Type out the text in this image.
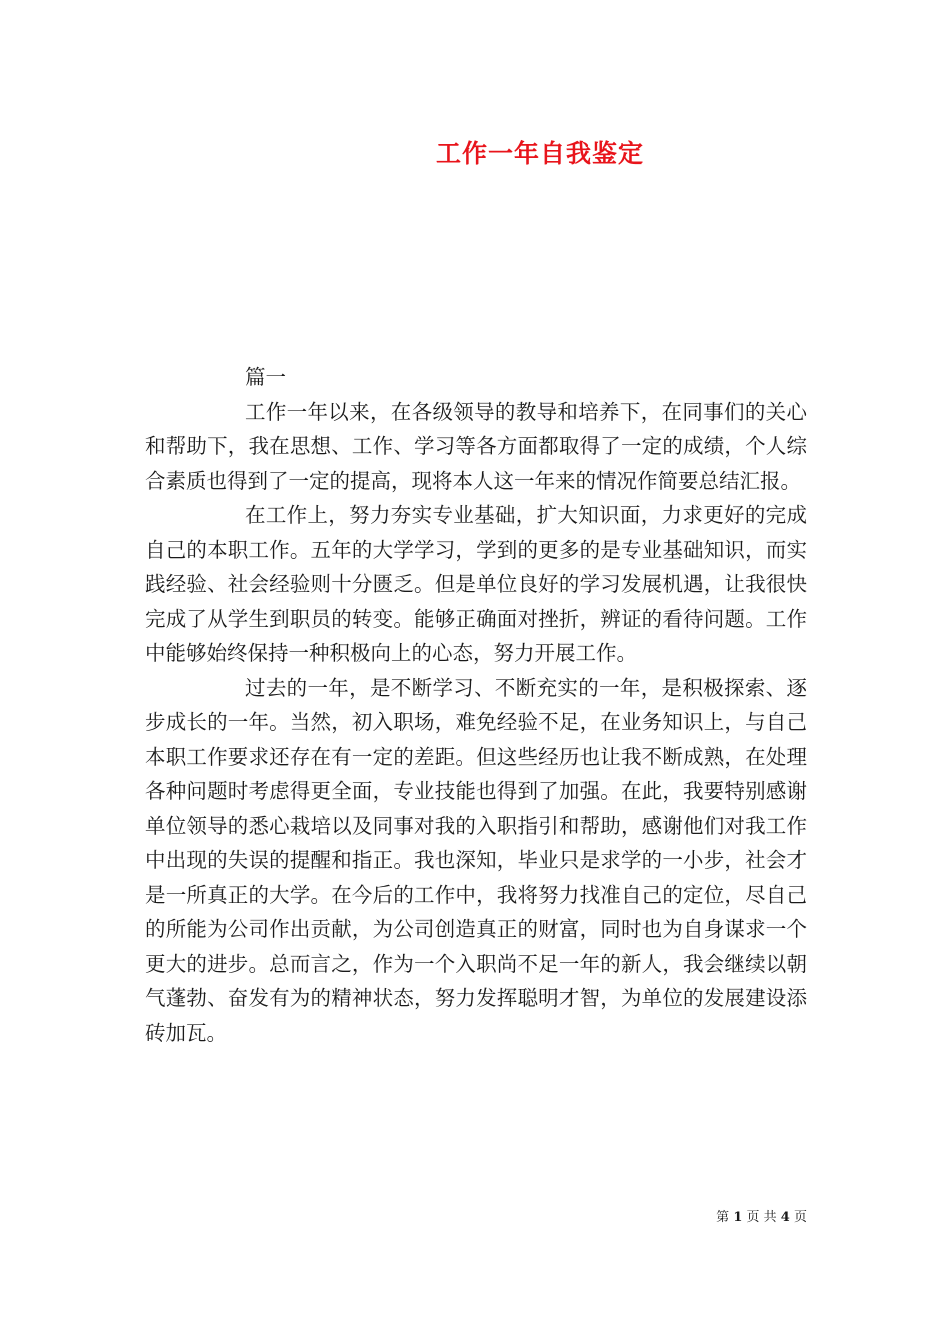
工作一年自我鉴定

篇一

工作一年以来，在各级领导的教导和培养下，在同事们的关心和帮助下，我在思想、工作、学习等各方面都取得了一定的成绩，个人综合素质也得到了一定的提高，现将本人这一年来的情况作简要总结汇报。

在工作上，努力夯实专业基础，扩大知识面，力求更好的完成自己的本职工作。五年的大学学习，学到的更多的是专业基础知识，而实践经验、社会经验则十分匮乏。但是单位良好的学习发展机遇，让我很快完成了从学生到职员的转变。能够正确面对挫折，辨证的看待问题。工作中能够始终保持一种积极向上的心态，努力开展工作。

过去的一年，是不断学习、不断充实的一年，是积极探索、逐步成长的一年。当然，初入职场，难免经验不足，在业务知识上，与自己本职工作要求还存在有一定的差距。但这些经历也让我不断成熟，在处理各种问题时考虑得更全面，专业技能也得到了加强。在此，我要特别感谢单位领导的悉心栽培以及同事对我的入职指引和帮助，感谢他们对我工作中出现的失误的提醒和指正。我也深知，毕业只是求学的一小步，社会才是一所真正的大学。在今后的工作中，我将努力找准自己的定位，尽自己的所能为公司作出贡献，为公司创造真正的财富，同时也为自身谋求一个更大的进步。总而言之，作为一个入职尚不足一年的新人，我会继续以朝气蓬勃、奋发有为的精神状态，努力发挥聪明才智，为单位的发展建设添砖加瓦。

第 1 页 共 4 页
